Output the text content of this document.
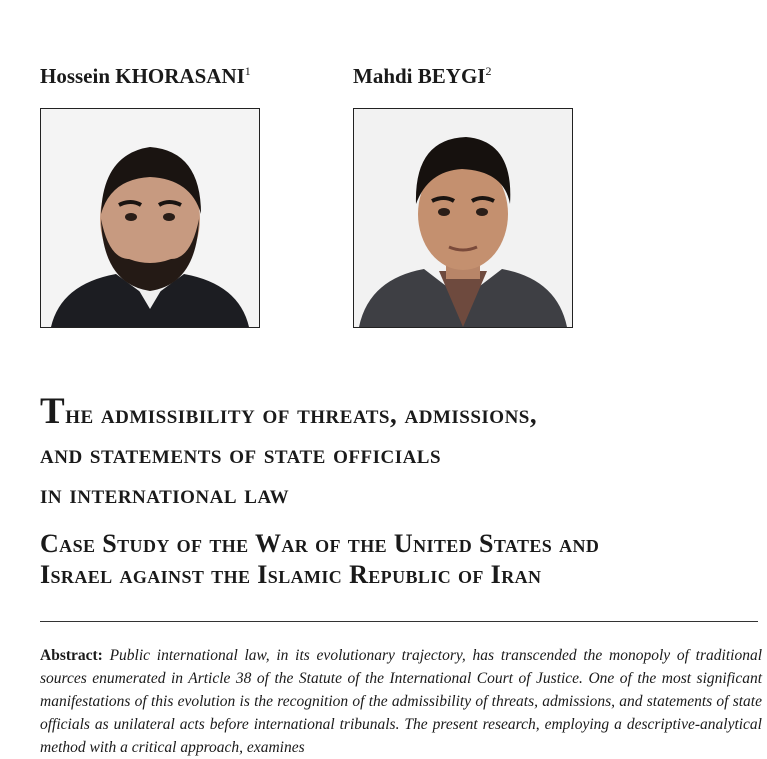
Hossein KHORASANI$^1$	Mahdi BEYGI$^2$
The admissibility of threats, admissions,
and statements of state officials
in international law
Case Study of the War of the United States and
Israel against the Islamic Republic of Iran
Abstract: Public international law, in its evolutionary trajectory, has transcended the monopoly of traditional sources enumerated in Article 38 of the Statute of the International Court of Justice. One of the most significant manifestations of this evolution is the recognition of the admissibility of threats, admissions, and statements of state officials as unilateral acts before international tribunals. The present research, employing a descriptive-analytical method with a critical approach, examines
